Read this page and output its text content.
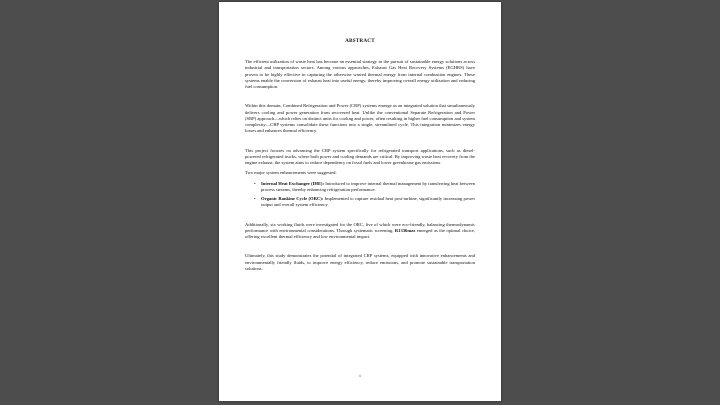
ABSTRACT

The efficient utilization of waste heat has become an essential strategy in the pursuit of sustainable energy solutions across industrial and transportation sectors. Among various approaches, Exhaust Gas Heat Recovery Systems (EGHRS) have proven to be highly effective in capturing the otherwise wasted thermal energy from internal combustion engines. These systems enable the conversion of exhaust heat into useful energy, thereby improving overall energy utilization and reducing fuel consumption.

Within this domain, Combined Refrigeration and Power (CRP) systems emerge as an integrated solution that simultaneously delivers cooling and power generation from recovered heat. Unlike the conventional Separate Refrigeration and Power (SRP) approach—which relies on distinct units for cooling and power, often resulting in higher fuel consumption and system complexity—CRP systems consolidate these functions into a single, streamlined cycle. This integration minimizes energy losses and enhances thermal efficiency.

This project focuses on advancing the CRP system specifically for refrigerated transport applications, such as diesel-powered refrigerated trucks, where both power and cooling demands are critical. By improving waste heat recovery from the engine exhaust, the system aims to reduce dependency on fossil fuels and lower greenhouse gas emissions.

Two major system enhancements were suggested:

• Internal Heat Exchanger (IHE): Introduced to improve internal thermal management by transferring heat between process streams, thereby enhancing refrigeration performance.
• Organic Rankine Cycle (ORC): Implemented to capture residual heat post-turbine, significantly increasing power output and overall system efficiency.

Additionally, six working fluids were investigated for the ORC, five of which were eco-friendly, balancing thermodynamic performance with environmental considerations. Through systematic screening, R1336mzz emerged as the optimal choice, offering excellent thermal efficiency and low environmental impact.

Ultimately, this study demonstrates the potential of integrated CRP systems, equipped with innovative enhancements and environmentally friendly fluids, to improve energy efficiency, reduce emissions, and promote sustainable transportation solutions.

i
